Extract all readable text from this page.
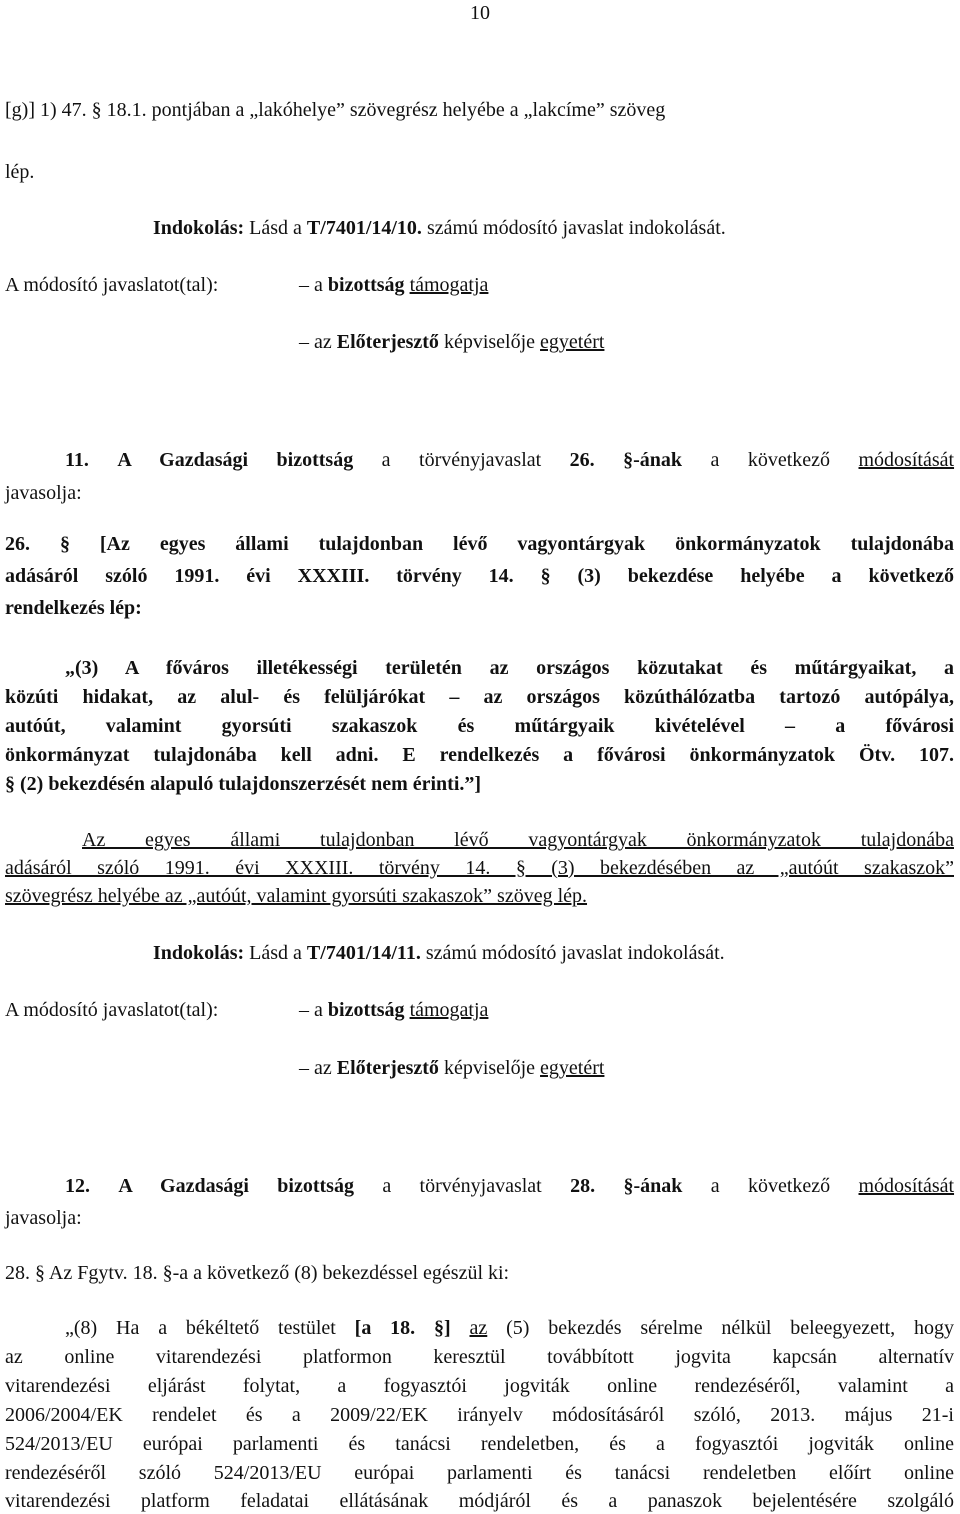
10
[g)] 1) 47. § 18.1. pontjában a „lakóhelye” szövegrész helyébe a „lakcíme” szöveg
lép.
Indokolás: Lásd a T/7401/14/10. számú módosító javaslat indokolását.
A módosító javaslatot(tal):	– a bizottság támogatja
– az Előterjesztő képviselője egyetért
11. A Gazdasági bizottság a törvényjavaslat 26. §-ának a következő módosítását
javasolja:
26. § [Az egyes állami tulajdonban lévő vagyontárgyak önkormányzatok tulajdonába
adásáról szóló 1991. évi XXXIII. törvény 14. § (3) bekezdése helyébe a következő
rendelkezés lép:
„(3) A főváros illetékességi területén az országos közutakat és műtárgyaikat, a
közúti hidakat, az alul- és felüljárókat – az országos közúthálózatba tartozó autópálya,
autóút, valamint gyorsúti szakaszok és műtárgyaik kivételével – a fővárosi
önkormányzat tulajdonába kell adni. E rendelkezés a fővárosi önkormányzatok Ötv. 107.
§ (2) bekezdésén alapuló tulajdonszerzését nem érinti.”]
Az egyes állami tulajdonban lévő vagyontárgyak önkormányzatok tulajdonába
adásáról szóló 1991. évi XXXIII. törvény 14. § (3) bekezdésében az „autóút szakaszok”
szövegrész helyébe az „autóút, valamint gyorsúti szakaszok” szöveg lép.
Indokolás: Lásd a T/7401/14/11. számú módosító javaslat indokolását.
A módosító javaslatot(tal):	– a bizottság támogatja
– az Előterjesztő képviselője egyetért
12. A Gazdasági bizottság a törvényjavaslat 28. §-ának a következő módosítását
javasolja:
28. § Az Fgytv. 18. §-a a következő (8) bekezdéssel egészül ki:
„(8) Ha a békéltető testület [a 18. §] az (5) bekezdés sérelme nélkül beleegyezett, hogy
az online vitarendezési platformon keresztül továbbított jogvita kapcsán alternatív
vitarendezési eljárást folytat, a fogyasztói jogviták online rendezéséről, valamint a
2006/2004/EK rendelet és a 2009/22/EK irányelv módosításáról szóló, 2013. május 21-i
524/2013/EU európai parlamenti és tanácsi rendeletben, és a fogyasztói jogviták online
rendezéséről szóló 524/2013/EU európai parlamenti és tanácsi rendeletben előírt online
vitarendezési platform feladatai ellátásának módjáról és a panaszok bejelentésére szolgáló
